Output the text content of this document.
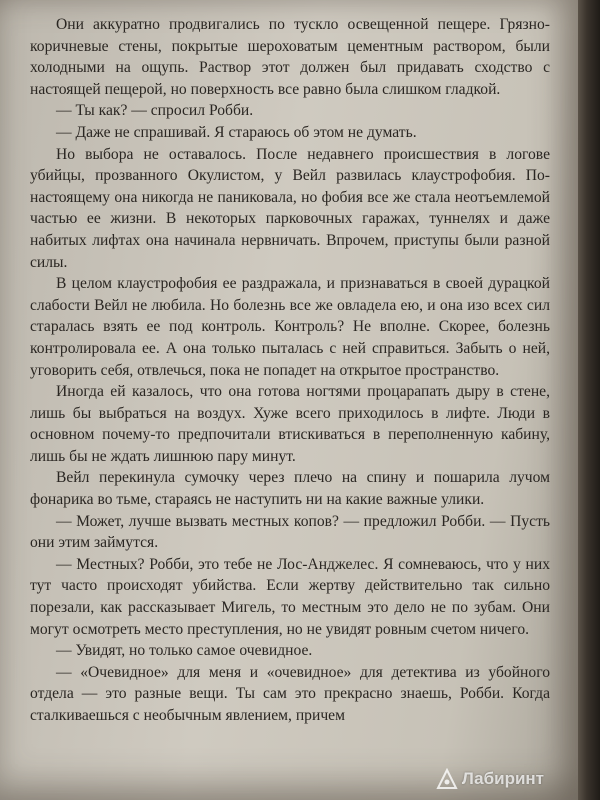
Они аккуратно продвигались по тускло освещенной пещере. Грязно-коричневые стены, покрытые шероховатым цементным раствором, были холодными на ощупь. Раствор этот должен был придавать сходство с настоящей пещерой, но поверхность все равно была слишком гладкой.

— Ты как? — спросил Робби.

— Даже не спрашивай. Я стараюсь об этом не думать.

Но выбора не оставалось. После недавнего происшествия в логове убийцы, прозванного Окулистом, у Вейл развилась клаустрофобия. По-настоящему она никогда не паниковала, но фобия все же стала неотъемлемой частью ее жизни. В некоторых парковочных гаражах, туннелях и даже набитых лифтах она начинала нервничать. Впрочем, приступы были разной силы.

В целом клаустрофобия ее раздражала, и признаваться в своей дурацкой слабости Вейл не любила. Но болезнь все же овладела ею, и она изо всех сил старалась взять ее под контроль. Контроль? Не вполне. Скорее, болезнь контролировала ее. А она только пыталась с ней справиться. Забыть о ней, уговорить себя, отвлечься, пока не попадет на открытое пространство.

Иногда ей казалось, что она готова ногтями процарапать дыру в стене, лишь бы выбраться на воздух. Хуже всего приходилось в лифте. Люди в основном почему-то предпочитали втискиваться в переполненную кабину, лишь бы не ждать лишнюю пару минут.

Вейл перекинула сумочку через плечо на спину и пошарила лучом фонарика во тьме, стараясь не наступить ни на какие важные улики.

— Может, лучше вызвать местных копов? — предложил Робби. — Пусть они этим займутся.

— Местных? Робби, это тебе не Лос-Анджелес. Я сомневаюсь, что у них тут часто происходят убийства. Если жертву действительно так сильно порезали, как рассказывает Мигель, то местным это дело не по зубам. Они могут осмотреть место преступления, но не увидят ровным счетом ничего.

— Увидят, но только самое очевидное.

— «Очевидное» для меня и «очевидное» для детектива из убойного отдела — это разные вещи. Ты сам это прекрасно знаешь, Робби. Когда сталкиваешься с необычным явлением, причем

Лабиринт
